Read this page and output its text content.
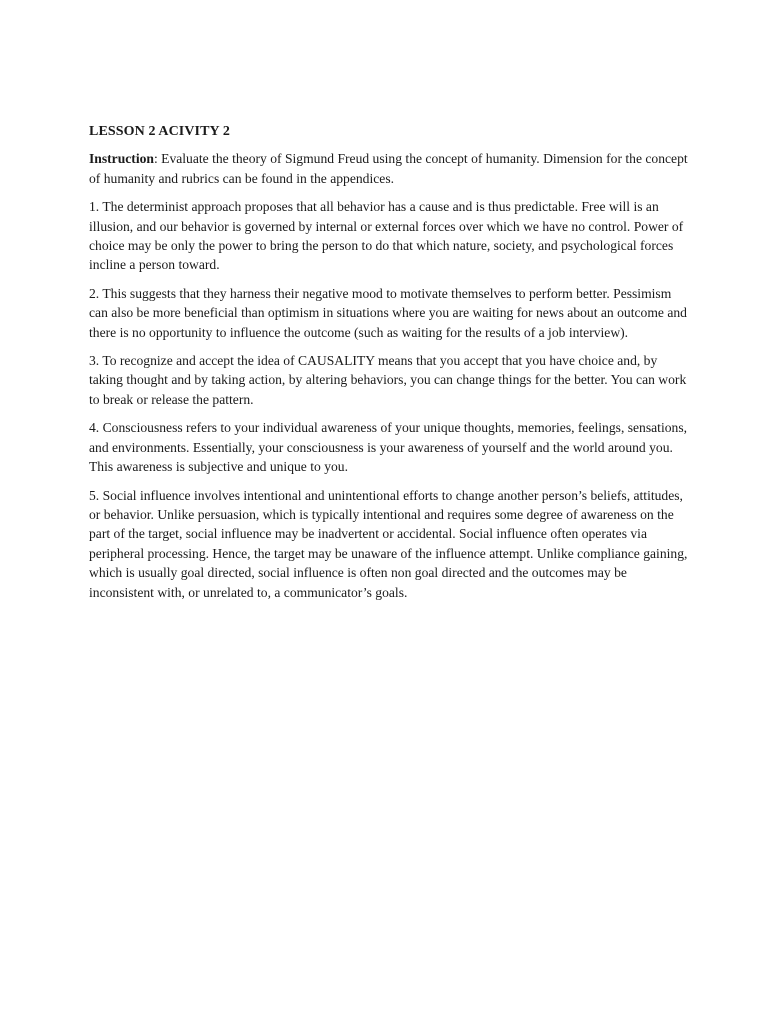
LESSON 2 ACIVITY 2

Instruction: Evaluate the theory of Sigmund Freud using the concept of humanity. Dimension for the concept of humanity and rubrics can be found in the appendices.

1. The determinist approach proposes that all behavior has a cause and is thus predictable. Free will is an illusion, and our behavior is governed by internal or external forces over which we have no control. Power of choice may be only the power to bring the person to do that which nature, society, and psychological forces incline a person toward.

2. This suggests that they harness their negative mood to motivate themselves to perform better. Pessimism can also be more beneficial than optimism in situations where you are waiting for news about an outcome and there is no opportunity to influence the outcome (such as waiting for the results of a job interview).

3. To recognize and accept the idea of CAUSALITY means that you accept that you have choice and, by taking thought and by taking action, by altering behaviors, you can change things for the better. You can work to break or release the pattern.

4. Consciousness refers to your individual awareness of your unique thoughts, memories, feelings, sensations, and environments. Essentially, your consciousness is your awareness of yourself and the world around you. This awareness is subjective and unique to you.

5. Social influence involves intentional and unintentional efforts to change another person’s beliefs, attitudes, or behavior. Unlike persuasion, which is typically intentional and requires some degree of awareness on the part of the target, social influence may be inadvertent or accidental. Social influence often operates via peripheral processing. Hence, the target may be unaware of the influence attempt. Unlike compliance gaining, which is usually goal directed, social influence is often non goal directed and the outcomes may be inconsistent with, or unrelated to, a communicator’s goals.
